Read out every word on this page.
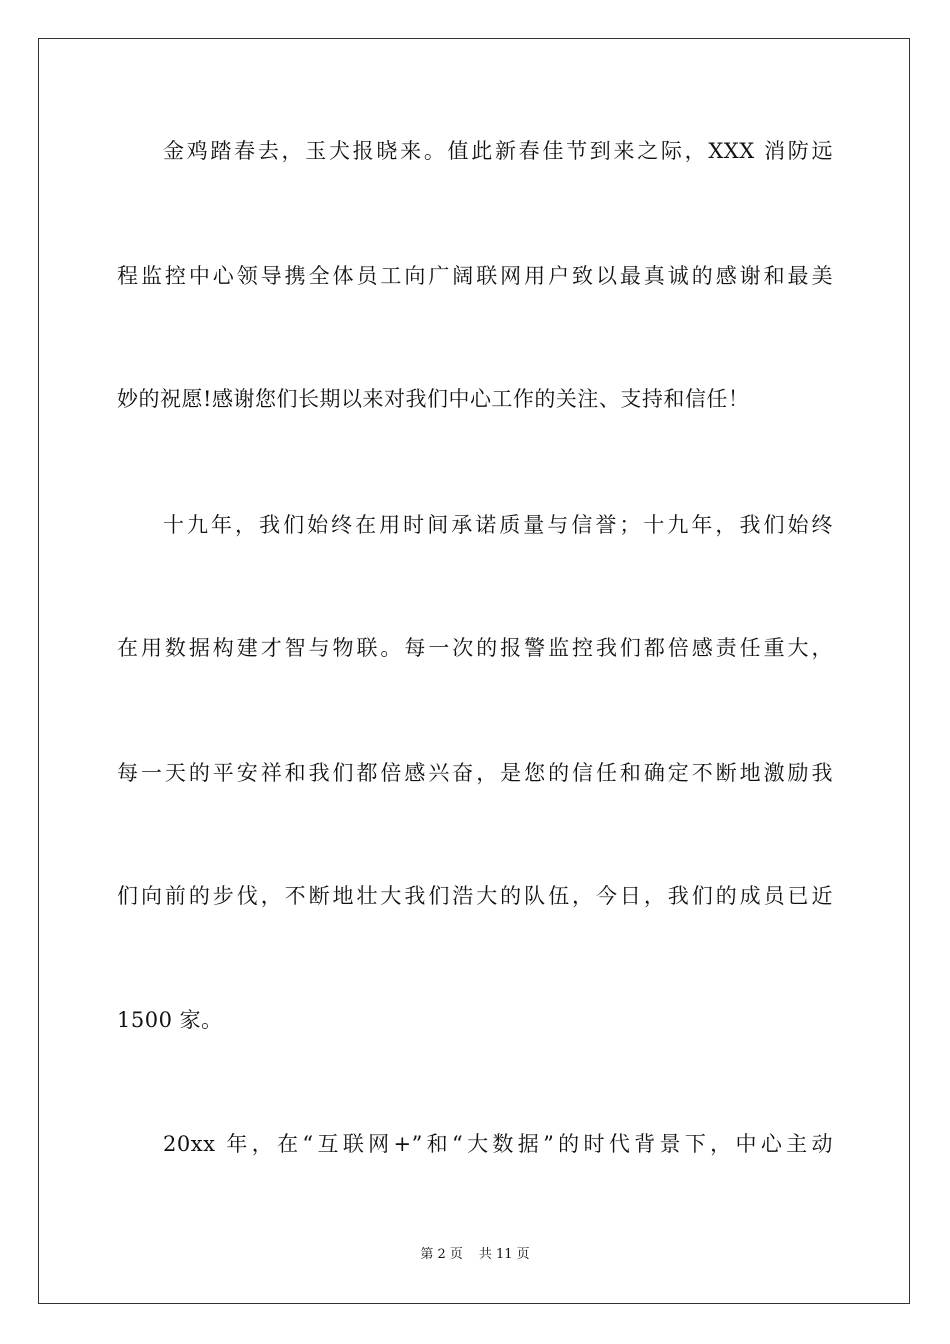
金鸡踏春去，玉犬报晓来。值此新春佳节到来之际，XXX 消防远
程监控中心领导携全体员工向广阔联网用户致以最真诚的感谢和最美
妙的祝愿!感谢您们长期以来对我们中心工作的关注、支持和信任！
十九年，我们始终在用时间承诺质量与信誉；十九年，我们始终
在用数据构建才智与物联。每一次的报警监控我们都倍感责任重大，
每一天的平安祥和我们都倍感兴奋，是您的信任和确定不断地激励我
们向前的步伐，不断地壮大我们浩大的队伍，今日，我们的成员已近
1500 家。
20xx 年，在“互联网+”和“大数据”的时代背景下，中心主动
第 2 页 共 11 页
